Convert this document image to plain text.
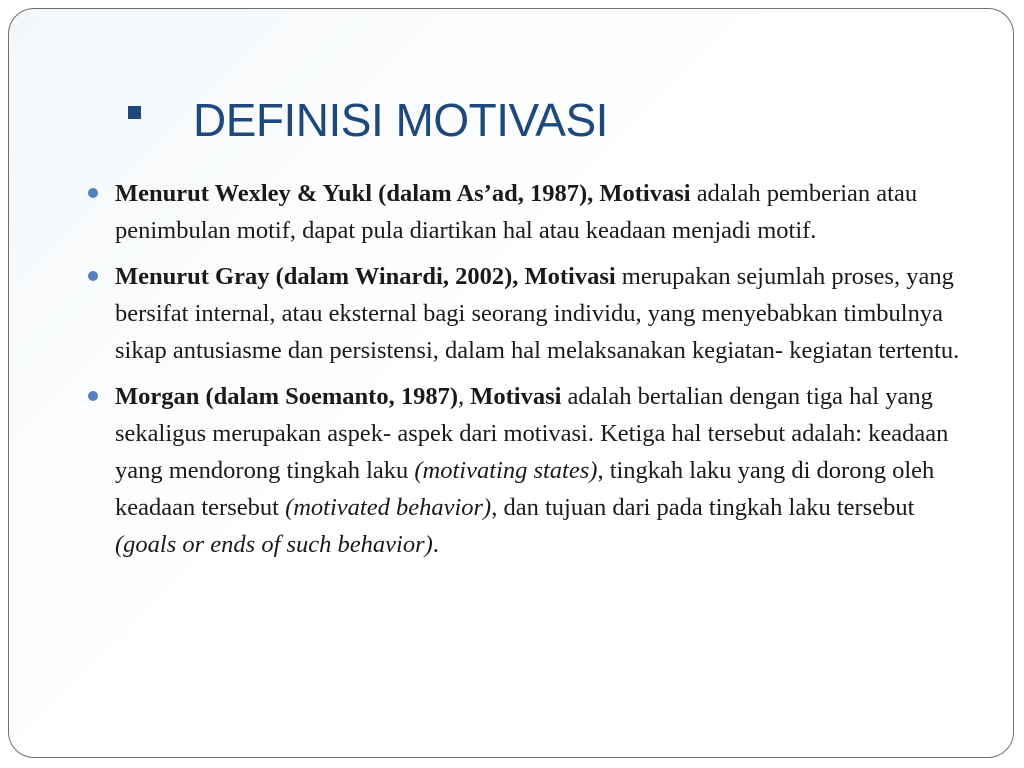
DEFINISI MOTIVASI
Menurut Wexley & Yukl (dalam As’ad, 1987), Motivasi adalah pemberian atau penimbulan motif, dapat pula diartikan hal atau keadaan menjadi motif.
Menurut Gray (dalam Winardi, 2002), Motivasi merupakan sejumlah proses, yang bersifat internal, atau eksternal bagi seorang individu, yang menyebabkan timbulnya sikap antusiasme dan persistensi, dalam hal melaksanakan kegiatan- kegiatan tertentu.
Morgan (dalam Soemanto, 1987), Motivasi adalah bertalian dengan tiga hal yang sekaligus merupakan aspek- aspek dari motivasi. Ketiga hal tersebut adalah: keadaan yang mendorong tingkah laku (motivating states), tingkah laku yang di dorong oleh keadaan tersebut (motivated behavior), dan tujuan dari pada tingkah laku tersebut (goals or ends of such behavior).
